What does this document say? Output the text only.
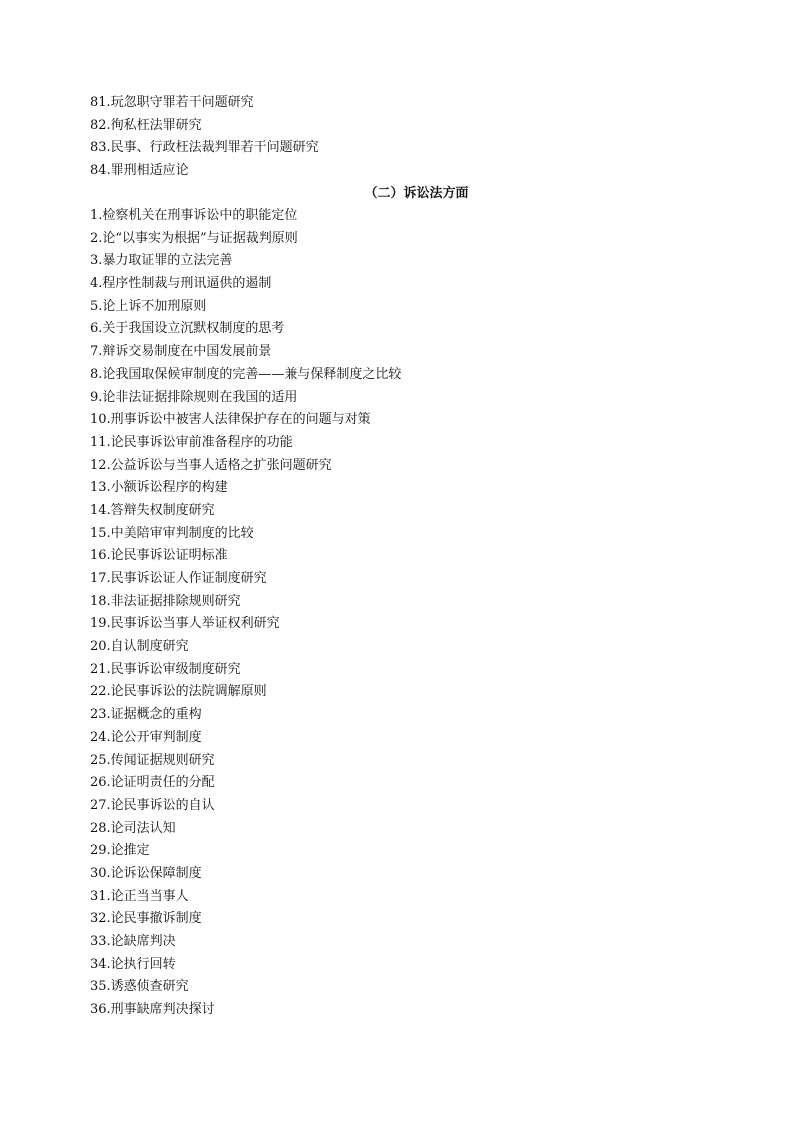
81.玩忽职守罪若干问题研究
82.徇私枉法罪研究
83.民事、行政枉法裁判罪若干问题研究
84.罪刑相适应论
（二）诉讼法方面
1.检察机关在刑事诉讼中的职能定位
2.论“以事实为根据”与证据裁判原则
3.暴力取证罪的立法完善
4.程序性制裁与刑讯逼供的遏制
5.论上诉不加刑原则
6.关于我国设立沉默权制度的思考
7.辩诉交易制度在中国发展前景
8.论我国取保候审制度的完善——兼与保释制度之比较
9.论非法证据排除规则在我国的适用
10.刑事诉讼中被害人法律保护存在的问题与对策
11.论民事诉讼审前准备程序的功能
12.公益诉讼与当事人适格之扩张问题研究
13.小额诉讼程序的构建
14.答辩失权制度研究
15.中美陪审审判制度的比较
16.论民事诉讼证明标准
17.民事诉讼证人作证制度研究
18.非法证据排除规则研究
19.民事诉讼当事人举证权利研究
20.自认制度研究
21.民事诉讼审级制度研究
22.论民事诉讼的法院调解原则
23.证据概念的重构
24.论公开审判制度
25.传闻证据规则研究
26.论证明责任的分配
27.论民事诉讼的自认
28.论司法认知
29.论推定
30.论诉讼保障制度
31.论正当当事人
32.论民事撤诉制度
33.论缺席判决
34.论执行回转
35.诱惑侦查研究
36.刑事缺席判决探讨
